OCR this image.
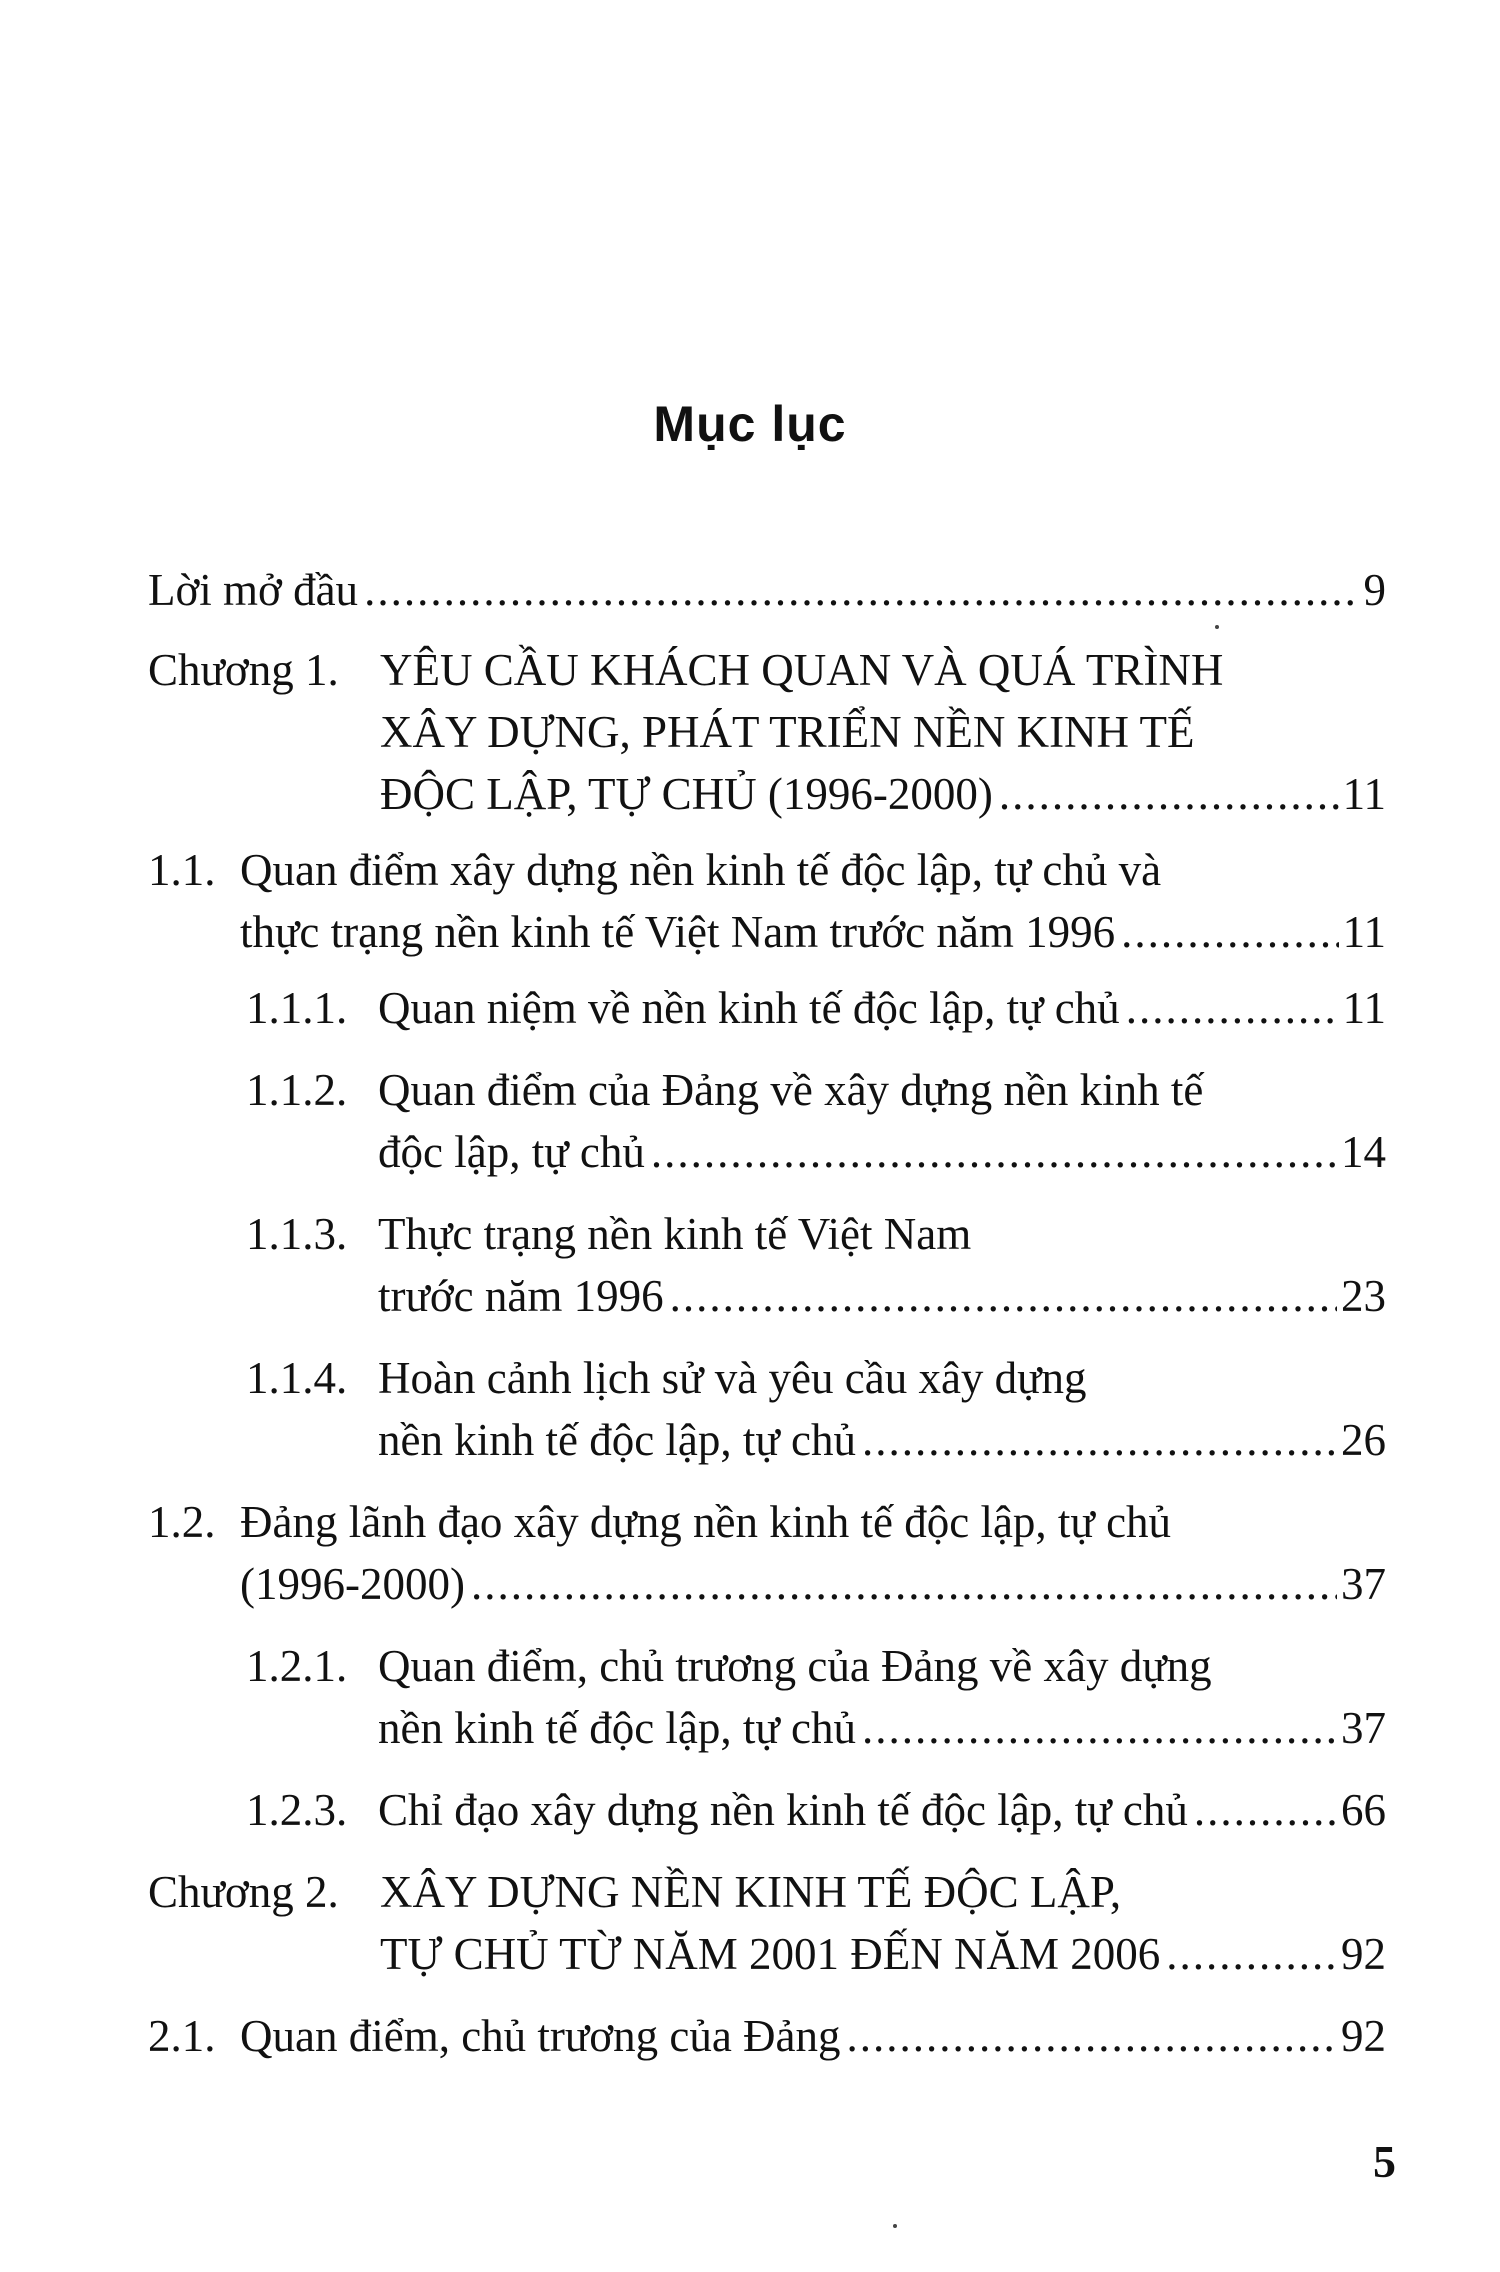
Mục lục
Lời mở đầu .....	9
Chương 1. YÊU CẦU KHÁCH QUAN VÀ QUÁ TRÌNH
XÂY DỰNG, PHÁT TRIỂN NỀN KINH TẾ
ĐỘC LẬP, TỰ CHỦ (1996-2000) .....	11
1.1. Quan điểm xây dựng nền kinh tế độc lập, tự chủ và
thực trạng nền kinh tế Việt Nam trước năm 1996 .....	11
1.1.1. Quan niệm về nền kinh tế độc lập, tự chủ .....	11
1.1.2. Quan điểm của Đảng về xây dựng nền kinh tế
độc lập, tự chủ .....	14
1.1.3. Thực trạng nền kinh tế Việt Nam
trước năm 1996 .....	23
1.1.4. Hoàn cảnh lịch sử và yêu cầu xây dựng
nền kinh tế độc lập, tự chủ .....	26
1.2. Đảng lãnh đạo xây dựng nền kinh tế độc lập, tự chủ
(1996-2000) .....	37
1.2.1. Quan điểm, chủ trương của Đảng về xây dựng
nền kinh tế độc lập, tự chủ .....	37
1.2.3. Chỉ đạo xây dựng nền kinh tế độc lập, tự chủ .....	66
Chương 2. XÂY DỰNG NỀN KINH TẾ ĐỘC LẬP,
TỰ CHỦ TỪ NĂM 2001 ĐẾN NĂM 2006 .....	92
2.1. Quan điểm, chủ trương của Đảng .....	92
5
